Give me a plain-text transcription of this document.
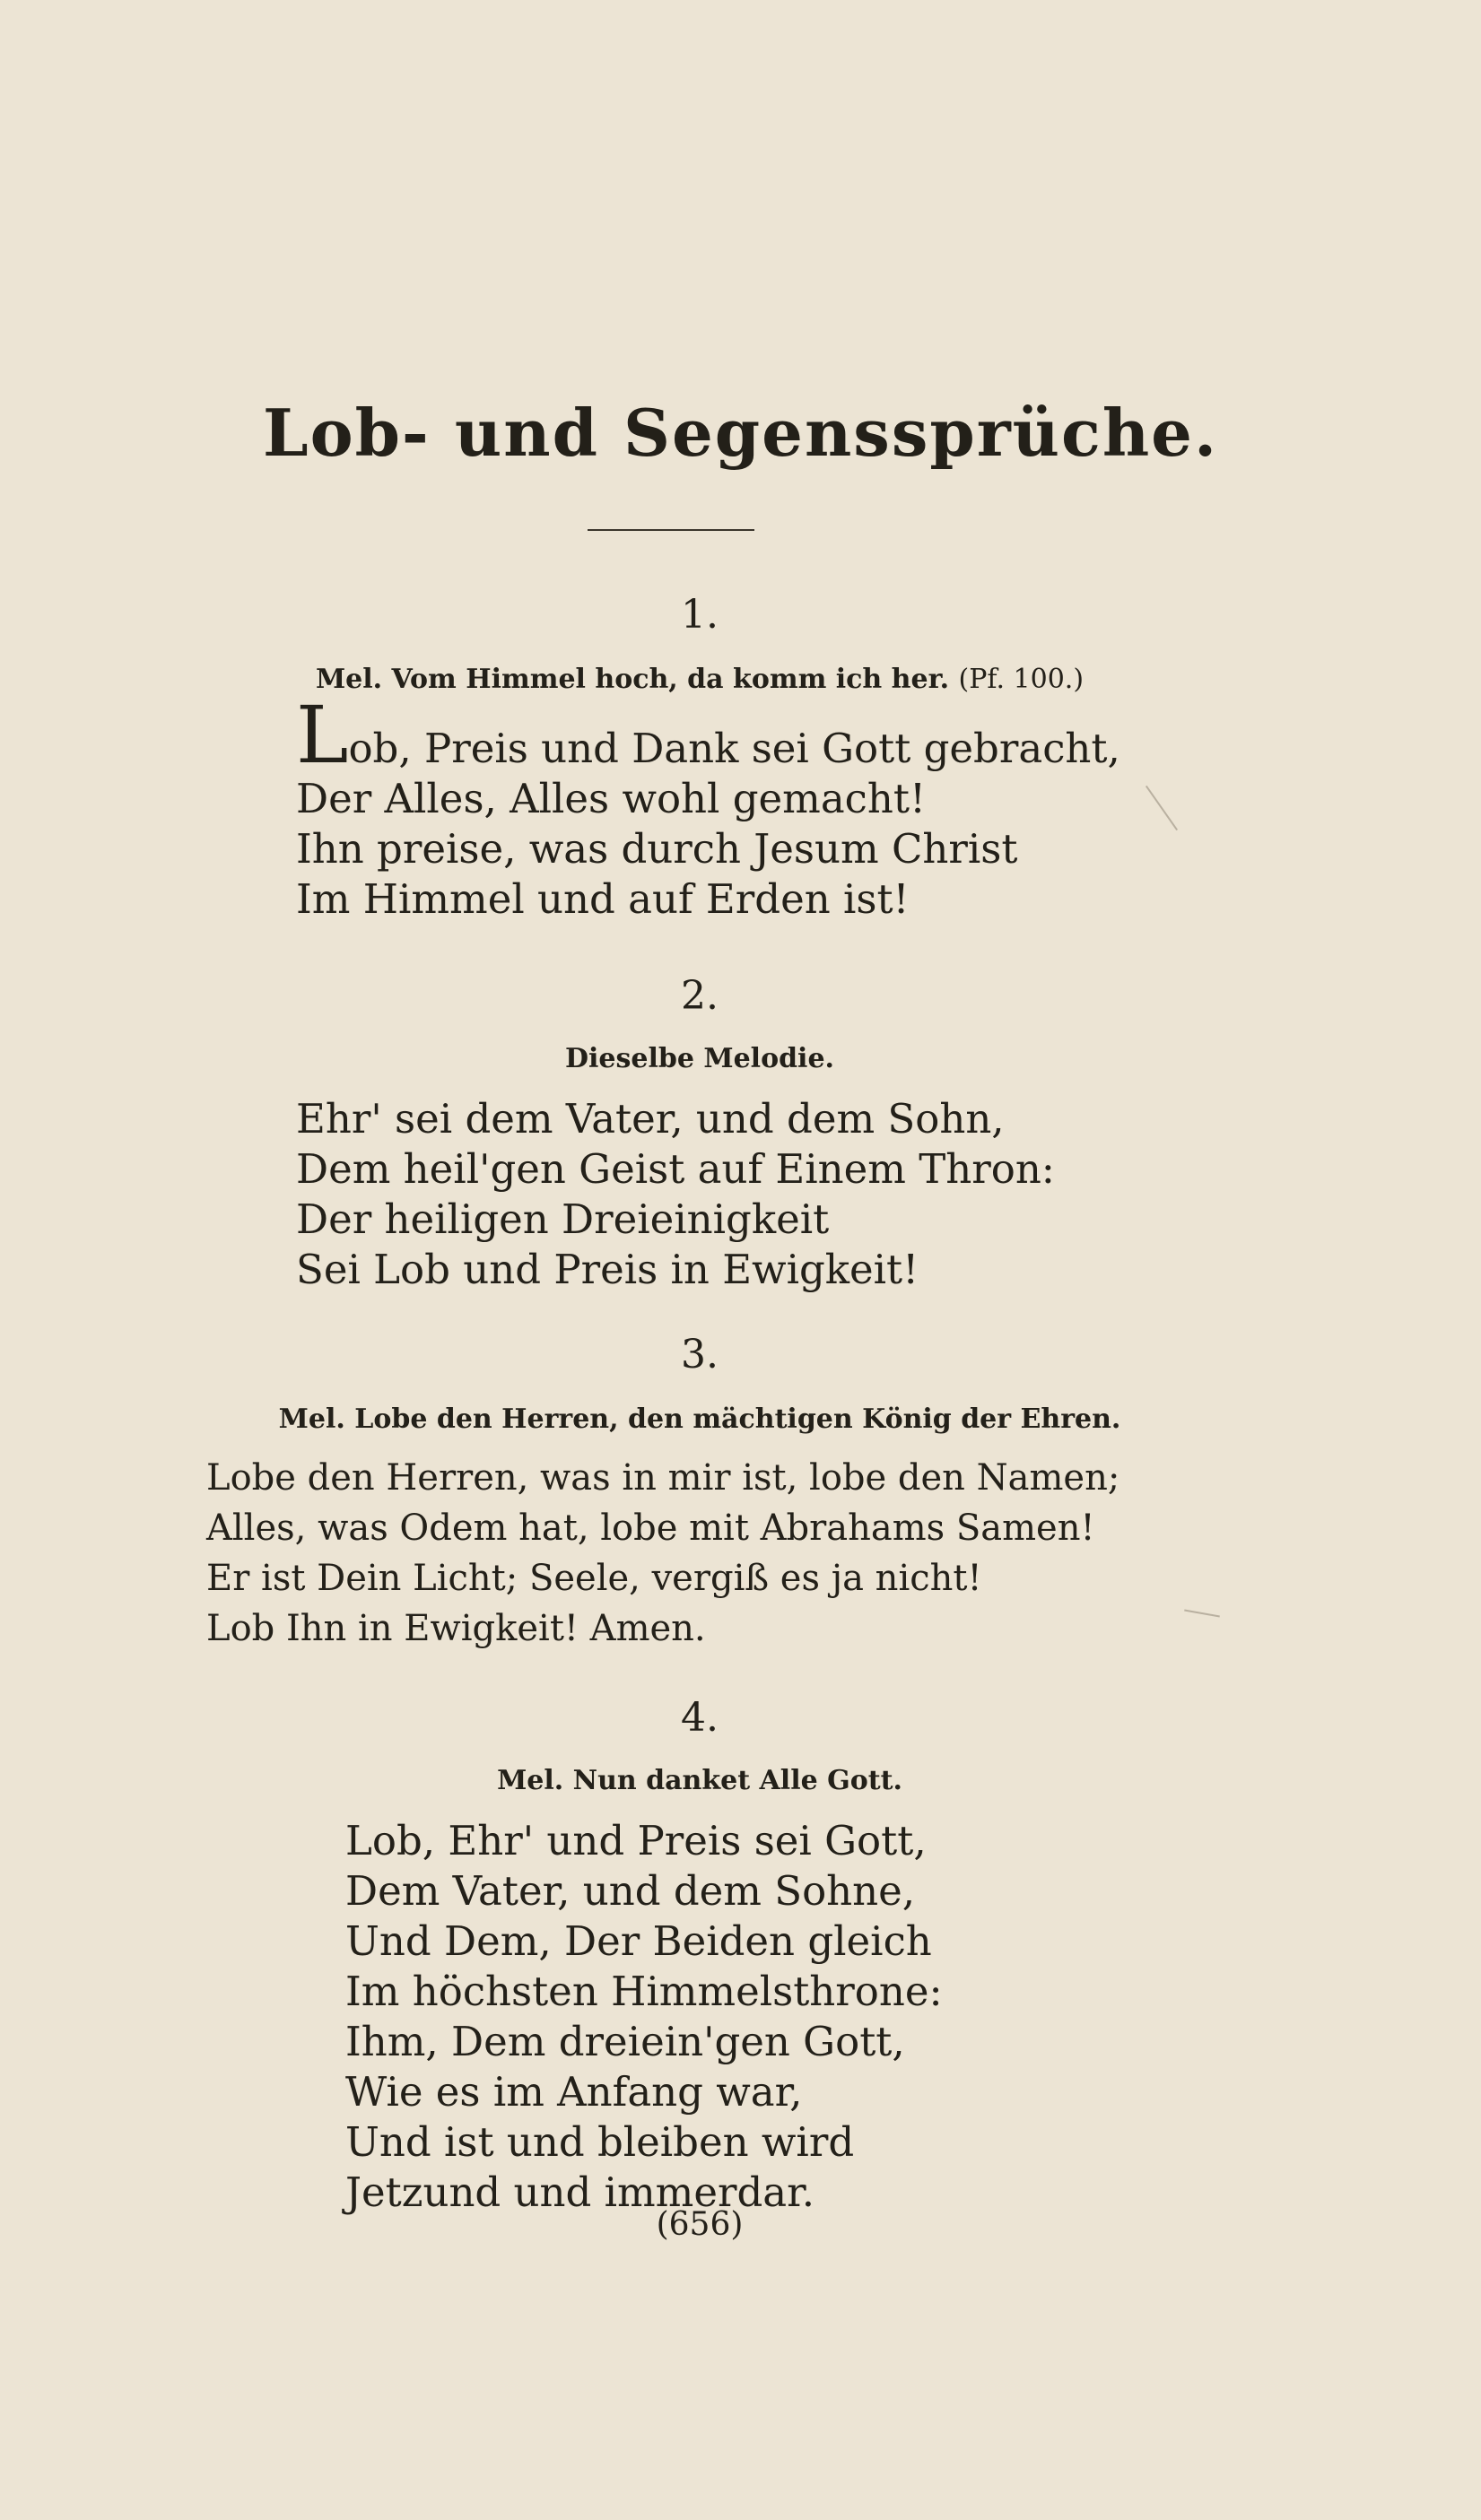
Lob- und Segenssprüche.
1.
Mel. Vom Himmel hoch, da komm ich her. (Pf. 100.)
Lob, Preis und Dank sei Gott gebracht,
Der Alles, Alles wohl gemacht!
Ihn preise, was durch Jesum Christ
Im Himmel und auf Erden ist!
2.
Dieselbe Melodie.
Ehr' sei dem Vater, und dem Sohn,
Dem heil'gen Geist auf Einem Thron:
Der heiligen Dreieinigkeit
Sei Lob und Preis in Ewigkeit!
3.
Mel. Lobe den Herren, den mächtigen König der Ehren.
Lobe den Herren, was in mir ist, lobe den Namen;
Alles, was Odem hat, lobe mit Abrahams Samen!
Er ist Dein Licht; Seele, vergiß es ja nicht!
Lob Ihn in Ewigkeit! Amen.
4.
Mel. Nun danket Alle Gott.
Lob, Ehr' und Preis sei Gott,
Dem Vater, und dem Sohne,
Und Dem, Der Beiden gleich
Im höchsten Himmelsthrone:
Ihm, Dem dreiein'gen Gott,
Wie es im Anfang war,
Und ist und bleiben wird
Jetzund und immerdar.
(656)
